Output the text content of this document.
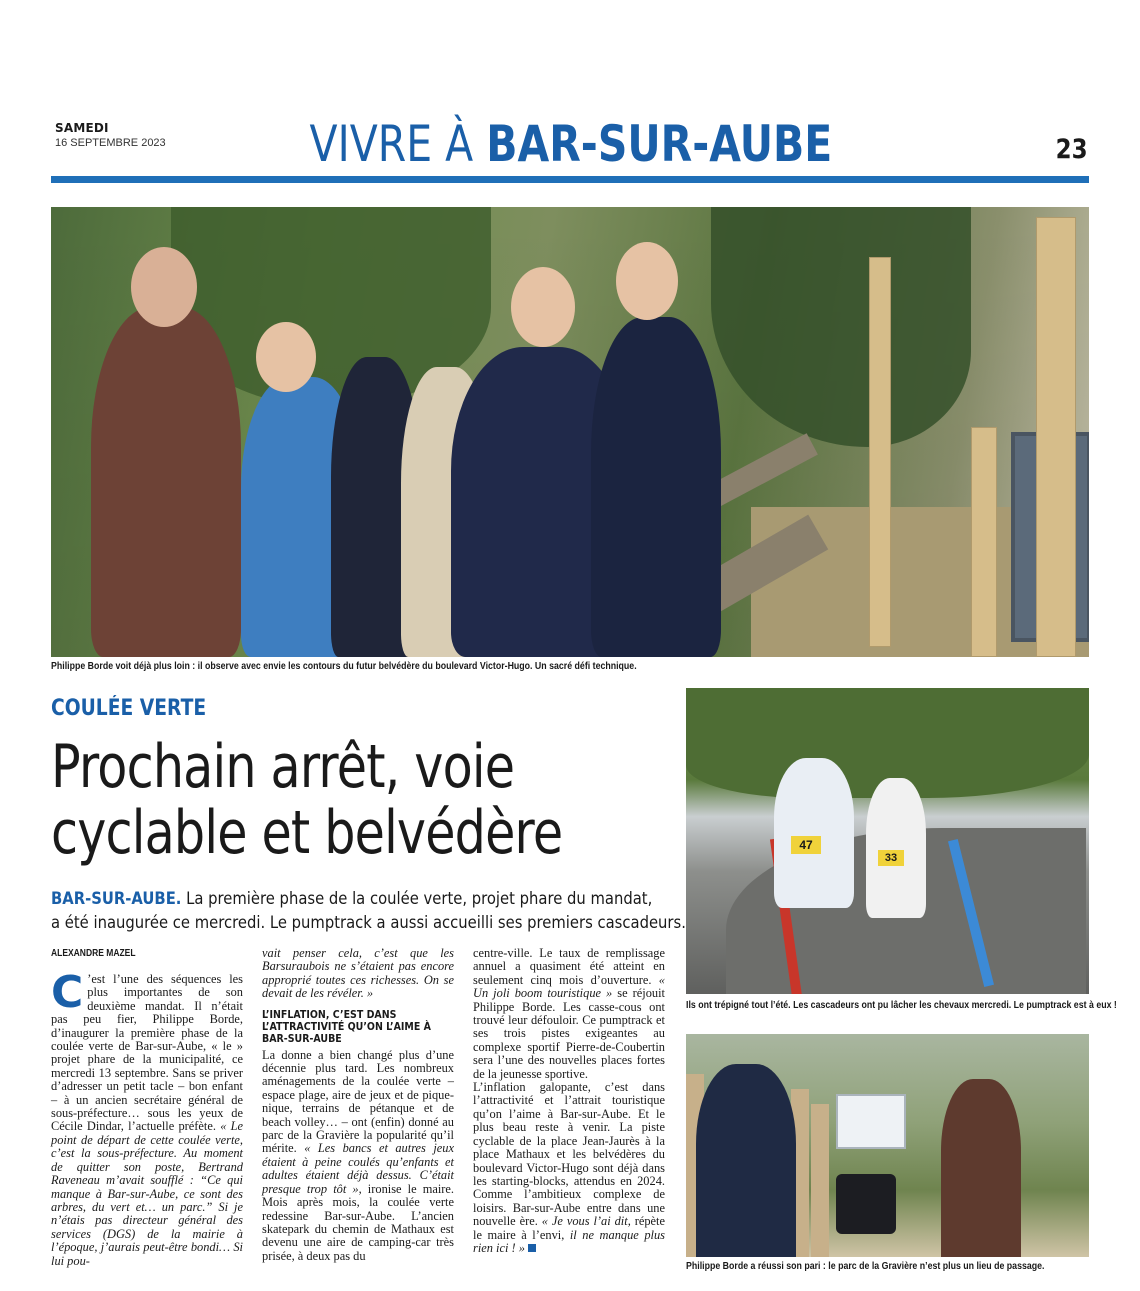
SAMEDI
16 SEPTEMBRE 2023	VIVRE À BAR-SUR-AUBE	23
Philippe Borde voit déjà plus loin : il observe avec envie les contours du futur belvédère du boulevard Victor-Hugo. Un sacré défi technique.
COULÉE VERTE
Prochain arrêt, voie
cyclable et belvédère
BAR-SUR-AUBE. La première phase de la coulée verte, projet phare du mandat,
a été inaugurée ce mercredi. Le pumptrack a aussi accueilli ses premiers cascadeurs.
ALEXANDRE MAZEL

C ’est l’une des séquences les plus importantes de son deuxième mandat. Il n’était pas peu fier, Philippe Borde, d’inaugurer la première phase de la coulée verte de Bar-sur-Aube, « le » projet phare de la municipalité, ce mercredi 13 septembre. Sans se priver d’adresser un petit tacle – bon enfant – à un ancien secrétaire général de sous-préfecture… sous les yeux de Cécile Dindar, l’actuelle préfète. « Le point de départ de cette coulée verte, c’est la sous-préfecture. Au moment de quitter son poste, Bertrand Raveneau m’avait soufflé : “Ce qui manque à Bar-sur-Aube, ce sont des arbres, du vert et… un parc.” Si je n’étais pas directeur général des services (DGS) de la mairie à l’époque, j’aurais peut-être bondi… Si lui pou-

vait penser cela, c’est que les Barsuraubois ne s’étaient pas encore approprié toutes ces richesses. On se devait de les révéler. »

L’INFLATION, C’EST DANS L’ATTRACTIVITÉ QU’ON L’AIME À BAR-SUR-AUBE

La donne a bien changé plus d’une décennie plus tard. Les nombreux aménagements de la coulée verte – espace plage, aire de jeux et de pique-nique, terrains de pétanque et de beach volley… – ont (enfin) donné au parc de la Gravière la popularité qu’il mérite. « Les bancs et autres jeux étaient à peine coulés qu’enfants et adultes étaient déjà dessus. C’était presque trop tôt », ironise le maire. Mois après mois, la coulée verte redessine Bar-sur-Aube. L’ancien skatepark du chemin de Mathaux est devenu une aire de camping-car très prisée, à deux pas du

centre-ville. Le taux de remplissage annuel a quasiment été atteint en seulement cinq mois d’ouverture. « Un joli boom touristique » se réjouit Philippe Borde. Les casse-cous ont trouvé leur défouloir. Ce pumptrack et ses trois pistes exigeantes au complexe sportif Pierre-de-Coubertin sera l’une des nouvelles places fortes de la jeunesse sportive.

L’inflation galopante, c’est dans l’attractivité et l’attrait touristique qu’on l’aime à Bar-sur-Aube. Et le plus beau reste à venir. La piste cyclable de la place Jean-Jaurès à la place Mathaux et les belvédères du boulevard Victor-Hugo sont déjà dans les starting-blocks, attendus en 2024. Comme l’ambitieux complexe de loisirs. Bar-sur-Aube entre dans une nouvelle ère. « Je vous l’ai dit, répète le maire à l’envi, il ne manque plus rien ici ! »

47
33
Ils ont trépigné tout l’été. Les cascadeurs ont pu lâcher les chevaux mercredi. Le pumptrack est à eux !
Philippe Borde a réussi son pari : le parc de la Gravière n’est plus un lieu de passage.
